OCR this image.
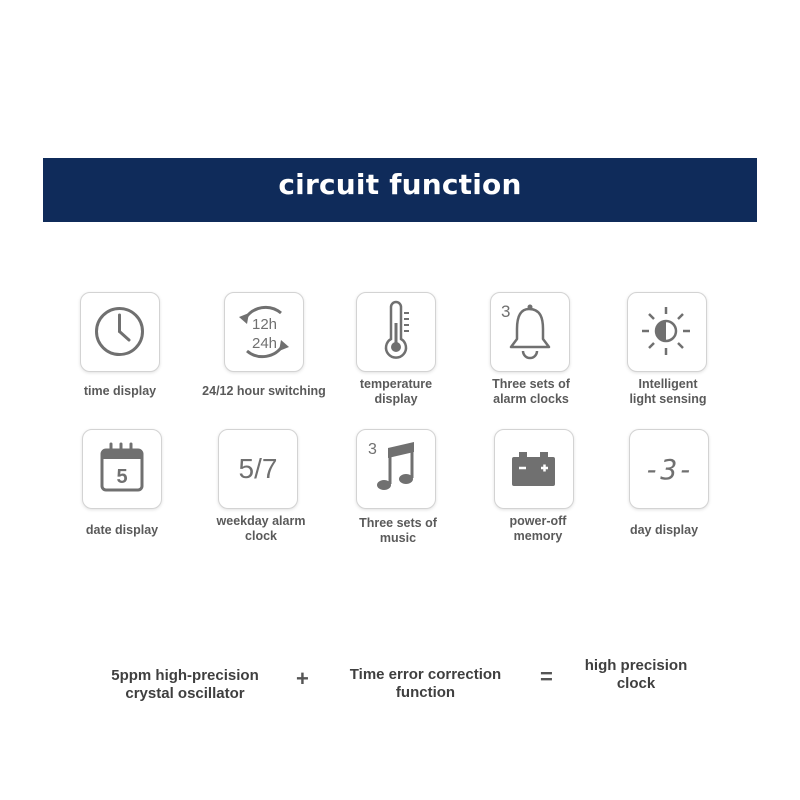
circuit function
time display
12h
24h
24/12 hour switching	temperature
display
3
Three sets of
alarm clocks
Intelligent
light sensing
5
date display
5/7
weekday alarm
clock
3
Three sets of
music
power-off
memory
-3-
day display
5ppm high-precision
crystal oscillator
+	Time error correction
function
=	high precision
clock
